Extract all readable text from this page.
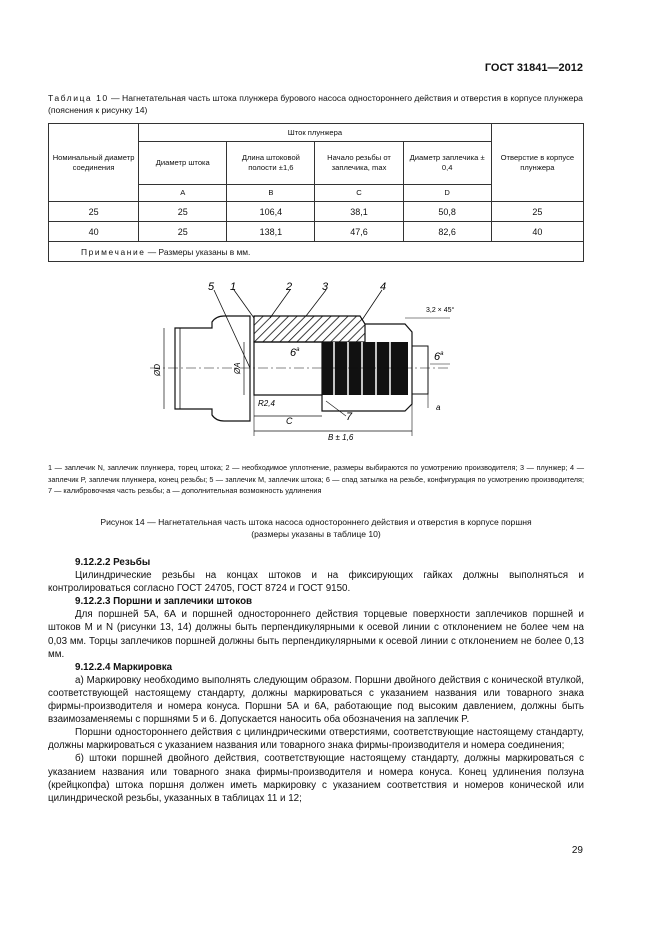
ГОСТ 31841—2012
Таблица 10 — Нагнетательная часть штока плунжера бурового насоса одностороннего действия и отверстия в корпусе плунжера (пояснения к рисунку 14)
Номинальный диаметр соединения	Шток плунжера				Отверстие в корпусе плунжера
	Диаметр штока	Длина штоковой полости ±1,6	Начало резьбы от заплечика, max	Диаметр заплечика ± 0,4	
	A	B	C	D	
25	25	106,4	38,1	50,8	25
40	25	138,1	47,6	82,6	40
Примечание — Размеры указаны в мм.					
5 1	2	3	4
3,2 × 45°
ØD	ØA
6$^a$
6$^a$
R2,4
C	7
B ± 1,6
a
1 — заплечик N, заплечик плунжера, торец штока; 2 — необходимое уплотнение, размеры выбираются по усмотрению производителя; 3 — плунжер; 4 — заплечик P, заплечик плунжера, конец резьбы; 5 — заплечик M, заплечик штока; 6 — спад затылка на резьбе, конфигурация по усмотрению производителя; 7 — калибровочная часть резьбы; a — дополнительная возможность удлинения
Рисунок 14 — Нагнетательная часть штока насоса одностороннего действия и отверстия в корпусе поршня
(размеры указаны в таблице 10)

9.12.2.2 Резьбы

Цилиндрические резьбы на концах штоков и на фиксирующих гайках должны выполняться и контролироваться согласно ГОСТ 24705, ГОСТ 8724 и ГОСТ 9150.

9.12.2.3 Поршни и заплечики штоков

Для поршней 5А, 6А и поршней одностороннего действия торцевые поверхности заплечиков поршней и штоков M и N (рисунки 13, 14) должны быть перпендикулярными к осевой линии с отклонением не более чем на 0,03 мм. Торцы заплечиков поршней должны быть перпендикулярными к осевой линии с отклонением не более 0,13 мм.

9.12.2.4 Маркировка

а) Маркировку необходимо выполнять следующим образом. Поршни двойного действия с конической втулкой, соответствующей настоящему стандарту, должны маркироваться с указанием названия или товарного знака фирмы-производителя и номера конуса. Поршни 5А и 6А, работающие под высоким давлением, должны быть взаимозаменяемы с поршнями 5 и 6. Допускается наносить оба обозначения на заплечик P.

Поршни одностороннего действия с цилиндрическими отверстиями, соответствующие настоящему стандарту, должны маркироваться с указанием названия или товарного знака фирмы-производителя и номера соединения;

б) штоки поршней двойного действия, соответствующие настоящему стандарту, должны маркироваться с указанием названия или товарного знака фирмы-производителя и номера конуса. Конец удлинения ползуна (крейцкопфа) штока поршня должен иметь маркировку с указанием соответствия и номеров конической или цилиндрической резьбы, указанных в таблицах 11 и 12;

29
